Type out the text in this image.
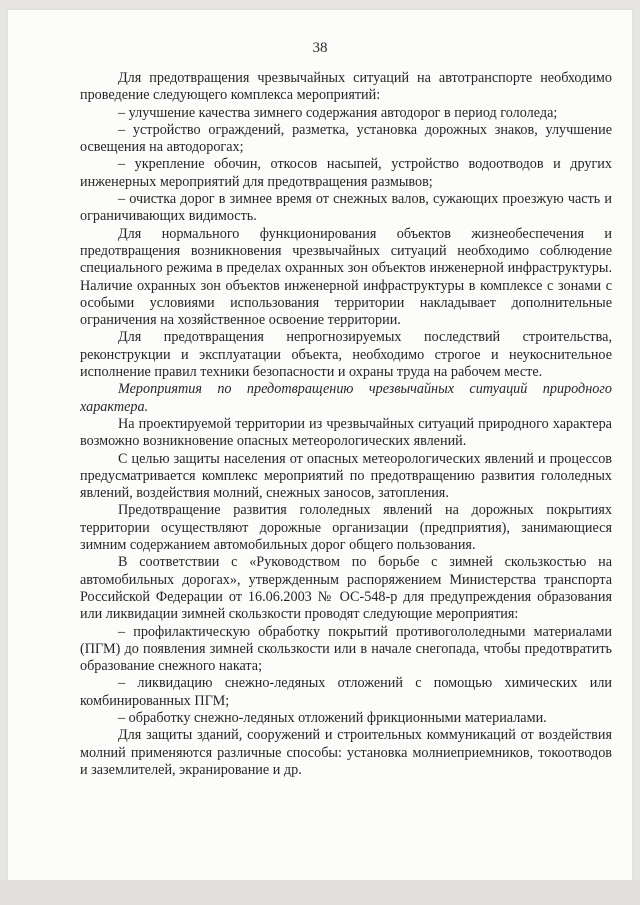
38

Для предотвращения чрезвычайных ситуаций на автотранспорте необходимо проведение следующего комплекса мероприятий:

– улучшение качества зимнего содержания автодорог в период гололеда;

– устройство ограждений, разметка, установка дорожных знаков, улучшение освещения на автодорогах;

– укрепление обочин, откосов насыпей, устройство водоотводов и других инженерных мероприятий для предотвращения размывов;

– очистка дорог в зимнее время от снежных валов, сужающих проезжую часть и ограничивающих видимость.

Для нормального функционирования объектов жизнеобеспечения и предотвращения возникновения чрезвычайных ситуаций необходимо соблюдение специального режима в пределах охранных зон объектов инженерной инфраструктуры. Наличие охранных зон объектов инженерной инфраструктуры в комплексе с зонами с особыми условиями использования территории накладывает дополнительные ограничения на хозяйственное освоение территории.

Для предотвращения непрогнозируемых последствий строительства, реконструкции и эксплуатации объекта, необходимо строгое и неукоснительное исполнение правил техники безопасности и охраны труда на рабочем месте.

Мероприятия по предотвращению чрезвычайных ситуаций природного характера.

На проектируемой территории из чрезвычайных ситуаций природного характера возможно возникновение опасных метеорологических явлений.

С целью защиты населения от опасных метеорологических явлений и процессов предусматривается комплекс мероприятий по предотвращению развития гололедных явлений, воздействия молний, снежных заносов, затопления.

Предотвращение развития гололедных явлений на дорожных покрытиях территории осуществляют дорожные организации (предприятия), занимающиеся зимним содержанием автомобильных дорог общего пользования.

В соответствии с «Руководством по борьбе с зимней скользкостью на автомобильных дорогах», утвержденным распоряжением Министерства транспорта Российской Федерации от 16.06.2003 № ОС-548-р для предупреждения образования или ликвидации зимней скользкости проводят следующие мероприятия:

– профилактическую обработку покрытий противогололедными материалами (ПГМ) до появления зимней скользкости или в начале снегопада, чтобы предотвратить образование снежного наката;

– ликвидацию снежно-ледяных отложений с помощью химических или комбинированных ПГМ;

– обработку снежно-ледяных отложений фрикционными материалами.

Для защиты зданий, сооружений и строительных коммуникаций от воздействия молний применяются различные способы: установка молниеприемников, токоотводов и заземлителей, экранирование и др.
